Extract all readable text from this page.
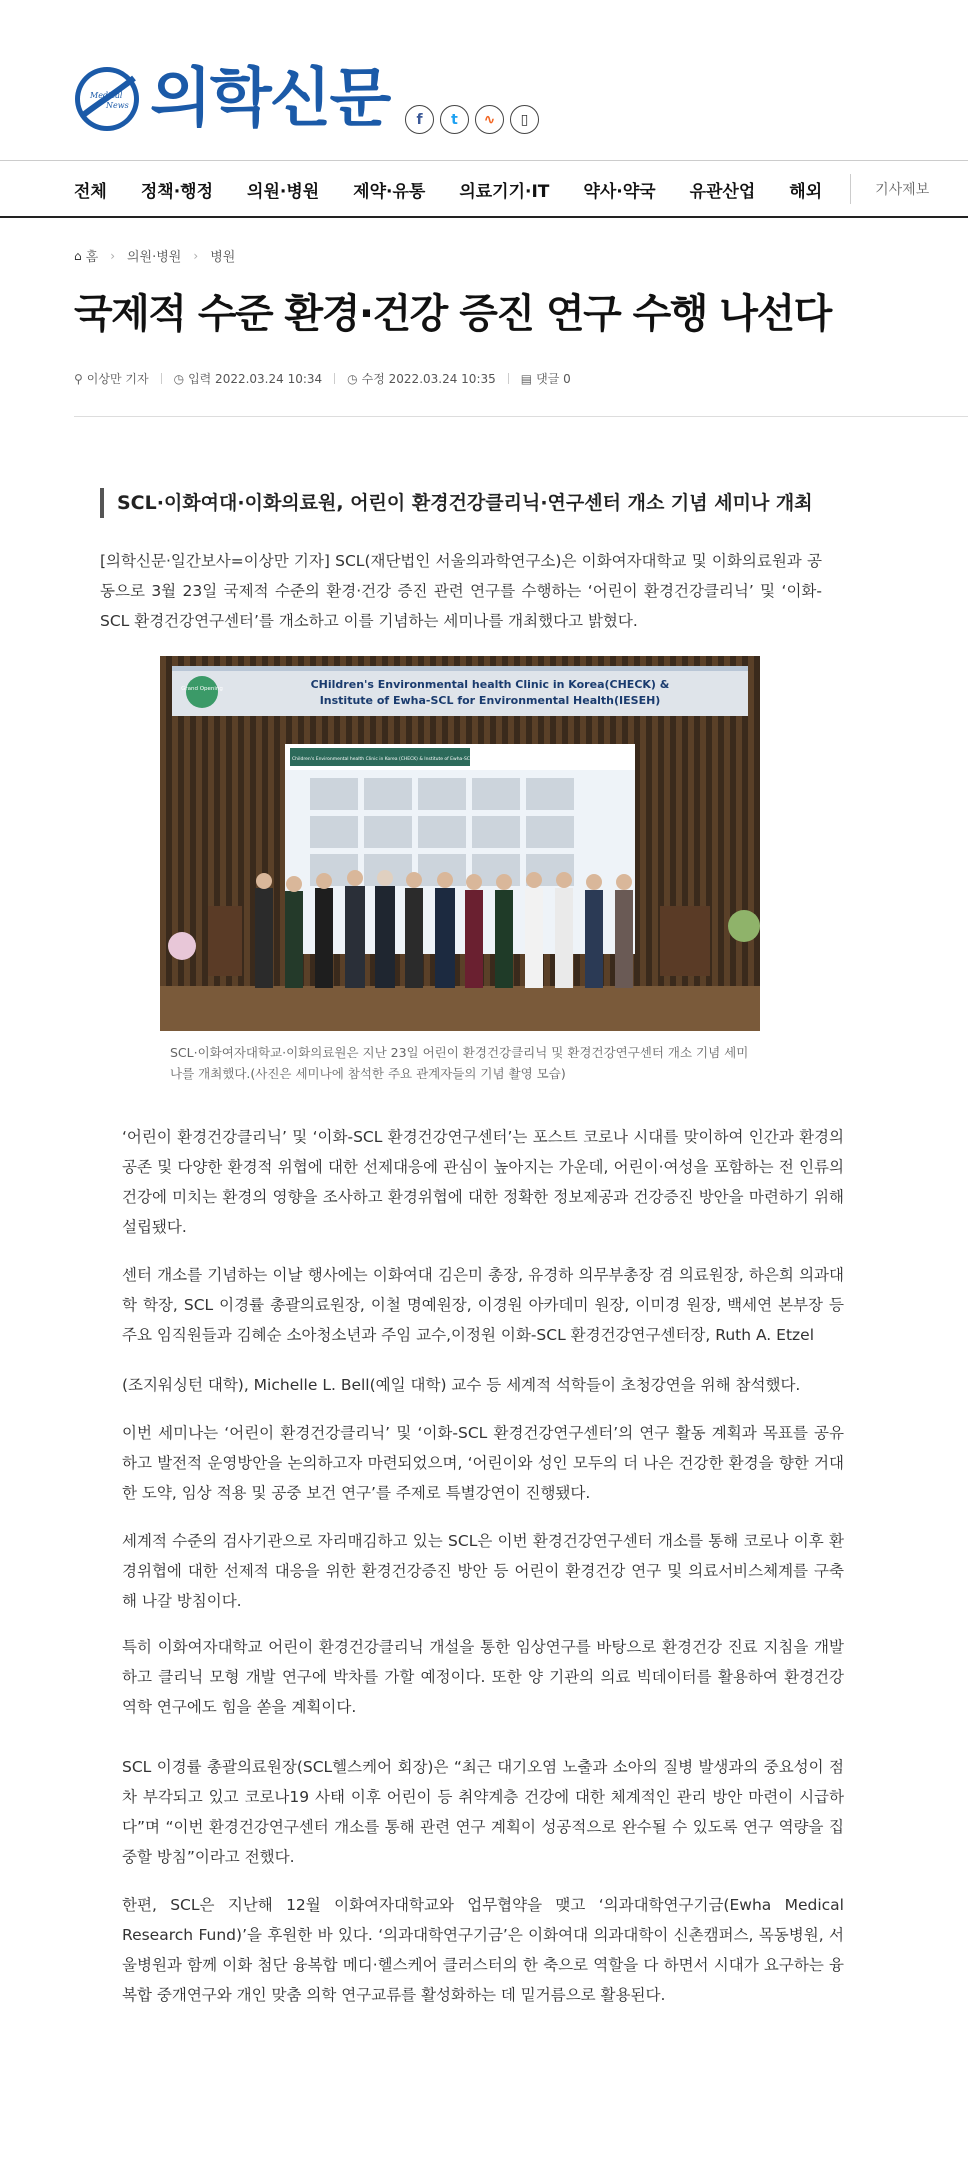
Medical
News 의학신문	f	t	∿	▯
전체 정책·행정 의원·병원 제약·유통 의료기기·IT 약사·약국 유관산업 해외	기사제보
⌂ 홈 › 의원·병원 › 병원
국제적 수준 환경·건강 증진 연구 수행 나선다
⚲ 이상만 기자 ◷ 입력 2022.03.24 10:34 ◷ 수정 2022.03.24 10:35 ▤ 댓글 0
SCL·이화여대·이화의료원, 어린이 환경건강클리닉·연구센터 개소 기념 세미나 개최

[의학신문·일간보사=이상만 기자] SCL(재단법인 서울의과학연구소)은 이화여자대학교 및 이화의료원과 공동으로 3월 23일 국제적 수준의 환경·건강 증진 관련 연구를 수행하는 ‘어린이 환경건강클리닉’ 및 ‘이화-SCL 환경건강연구센터’를 개소하고 이를 기념하는 세미나를 개최했다고 밝혔다.

Grand Opening	CHildren's Environmental health Clinic in Korea(CHECK) &
Institute of Ewha-SCL for Environmental Health(IESEH)
Children's Environmental health Clinic in Korea (CHECK) & Institute of Ewha-SCL for Environmental Health (IESEH)

SCL·이화여자대학교·이화의료원은 지난 23일 어린이 환경건강클리닉 및 환경건강연구센터 개소 기념 세미나를 개최했다.(사진은 세미나에 참석한 주요 관계자들의 기념 촬영 모습)

‘어린이 환경건강클리닉’ 및 ‘이화-SCL 환경건강연구센터’는 포스트 코로나 시대를 맞이하여 인간과 환경의 공존 및 다양한 환경적 위협에 대한 선제대응에 관심이 높아지는 가운데, 어린이·여성을 포함하는 전 인류의 건강에 미치는 환경의 영향을 조사하고 환경위협에 대한 정확한 정보제공과 건강증진 방안을 마련하기 위해 설립됐다.

센터 개소를 기념하는 이날 행사에는 이화여대 김은미 총장, 유경하 의무부총장 겸 의료원장, 하은희 의과대학 학장, SCL 이경률 총괄의료원장, 이철 명예원장, 이경원 아카데미 원장, 이미경 원장, 백세연 본부장 등 주요 임직원들과 김혜순 소아청소년과 주임 교수,이정원 이화-SCL 환경건강연구센터장, Ruth A. Etzel

(조지워싱턴 대학), Michelle L. Bell(예일 대학) 교수 등 세계적 석학들이 초청강연을 위해 참석했다.

이번 세미나는 ‘어린이 환경건강클리닉’ 및 ‘이화-SCL 환경건강연구센터’의 연구 활동 계획과 목표를 공유하고 발전적 운영방안을 논의하고자 마련되었으며, ‘어린이와 성인 모두의 더 나은 건강한 환경을 향한 거대한 도약, 임상 적용 및 공중 보건 연구’를 주제로 특별강연이 진행됐다.

세계적 수준의 검사기관으로 자리매김하고 있는 SCL은 이번 환경건강연구센터 개소를 통해 코로나 이후 환경위협에 대한 선제적 대응을 위한 환경건강증진 방안 등 어린이 환경건강 연구 및 의료서비스체계를 구축해 나갈 방침이다.

특히 이화여자대학교 어린이 환경건강클리닉 개설을 통한 임상연구를 바탕으로 환경건강 진료 지침을 개발하고 클리닉 모형 개발 연구에 박차를 가할 예정이다. 또한 양 기관의 의료 빅데이터를 활용하여 환경건강 역학 연구에도 힘을 쏟을 계획이다.

SCL 이경률 총괄의료원장(SCL헬스케어 회장)은 “최근 대기오염 노출과 소아의 질병 발생과의 중요성이 점차 부각되고 있고 코로나19 사태 이후 어린이 등 취약계층 건강에 대한 체계적인 관리 방안 마련이 시급하다”며 “이번 환경건강연구센터 개소를 통해 관련 연구 계획이 성공적으로 완수될 수 있도록 연구 역량을 집중할 방침”이라고 전했다.

한편, SCL은 지난해 12월 이화여자대학교와 업무협약을 맺고 ‘의과대학연구기금(Ewha Medical Research Fund)’을 후원한 바 있다. ‘의과대학연구기금’은 이화여대 의과대학이 신촌캠퍼스, 목동병원, 서울병원과 함께 이화 첨단 융복합 메디·헬스케어 클러스터의 한 축으로 역할을 다 하면서 시대가 요구하는 융복합 중개연구와 개인 맞춤 의학 연구교류를 활성화하는 데 밑거름으로 활용된다.
